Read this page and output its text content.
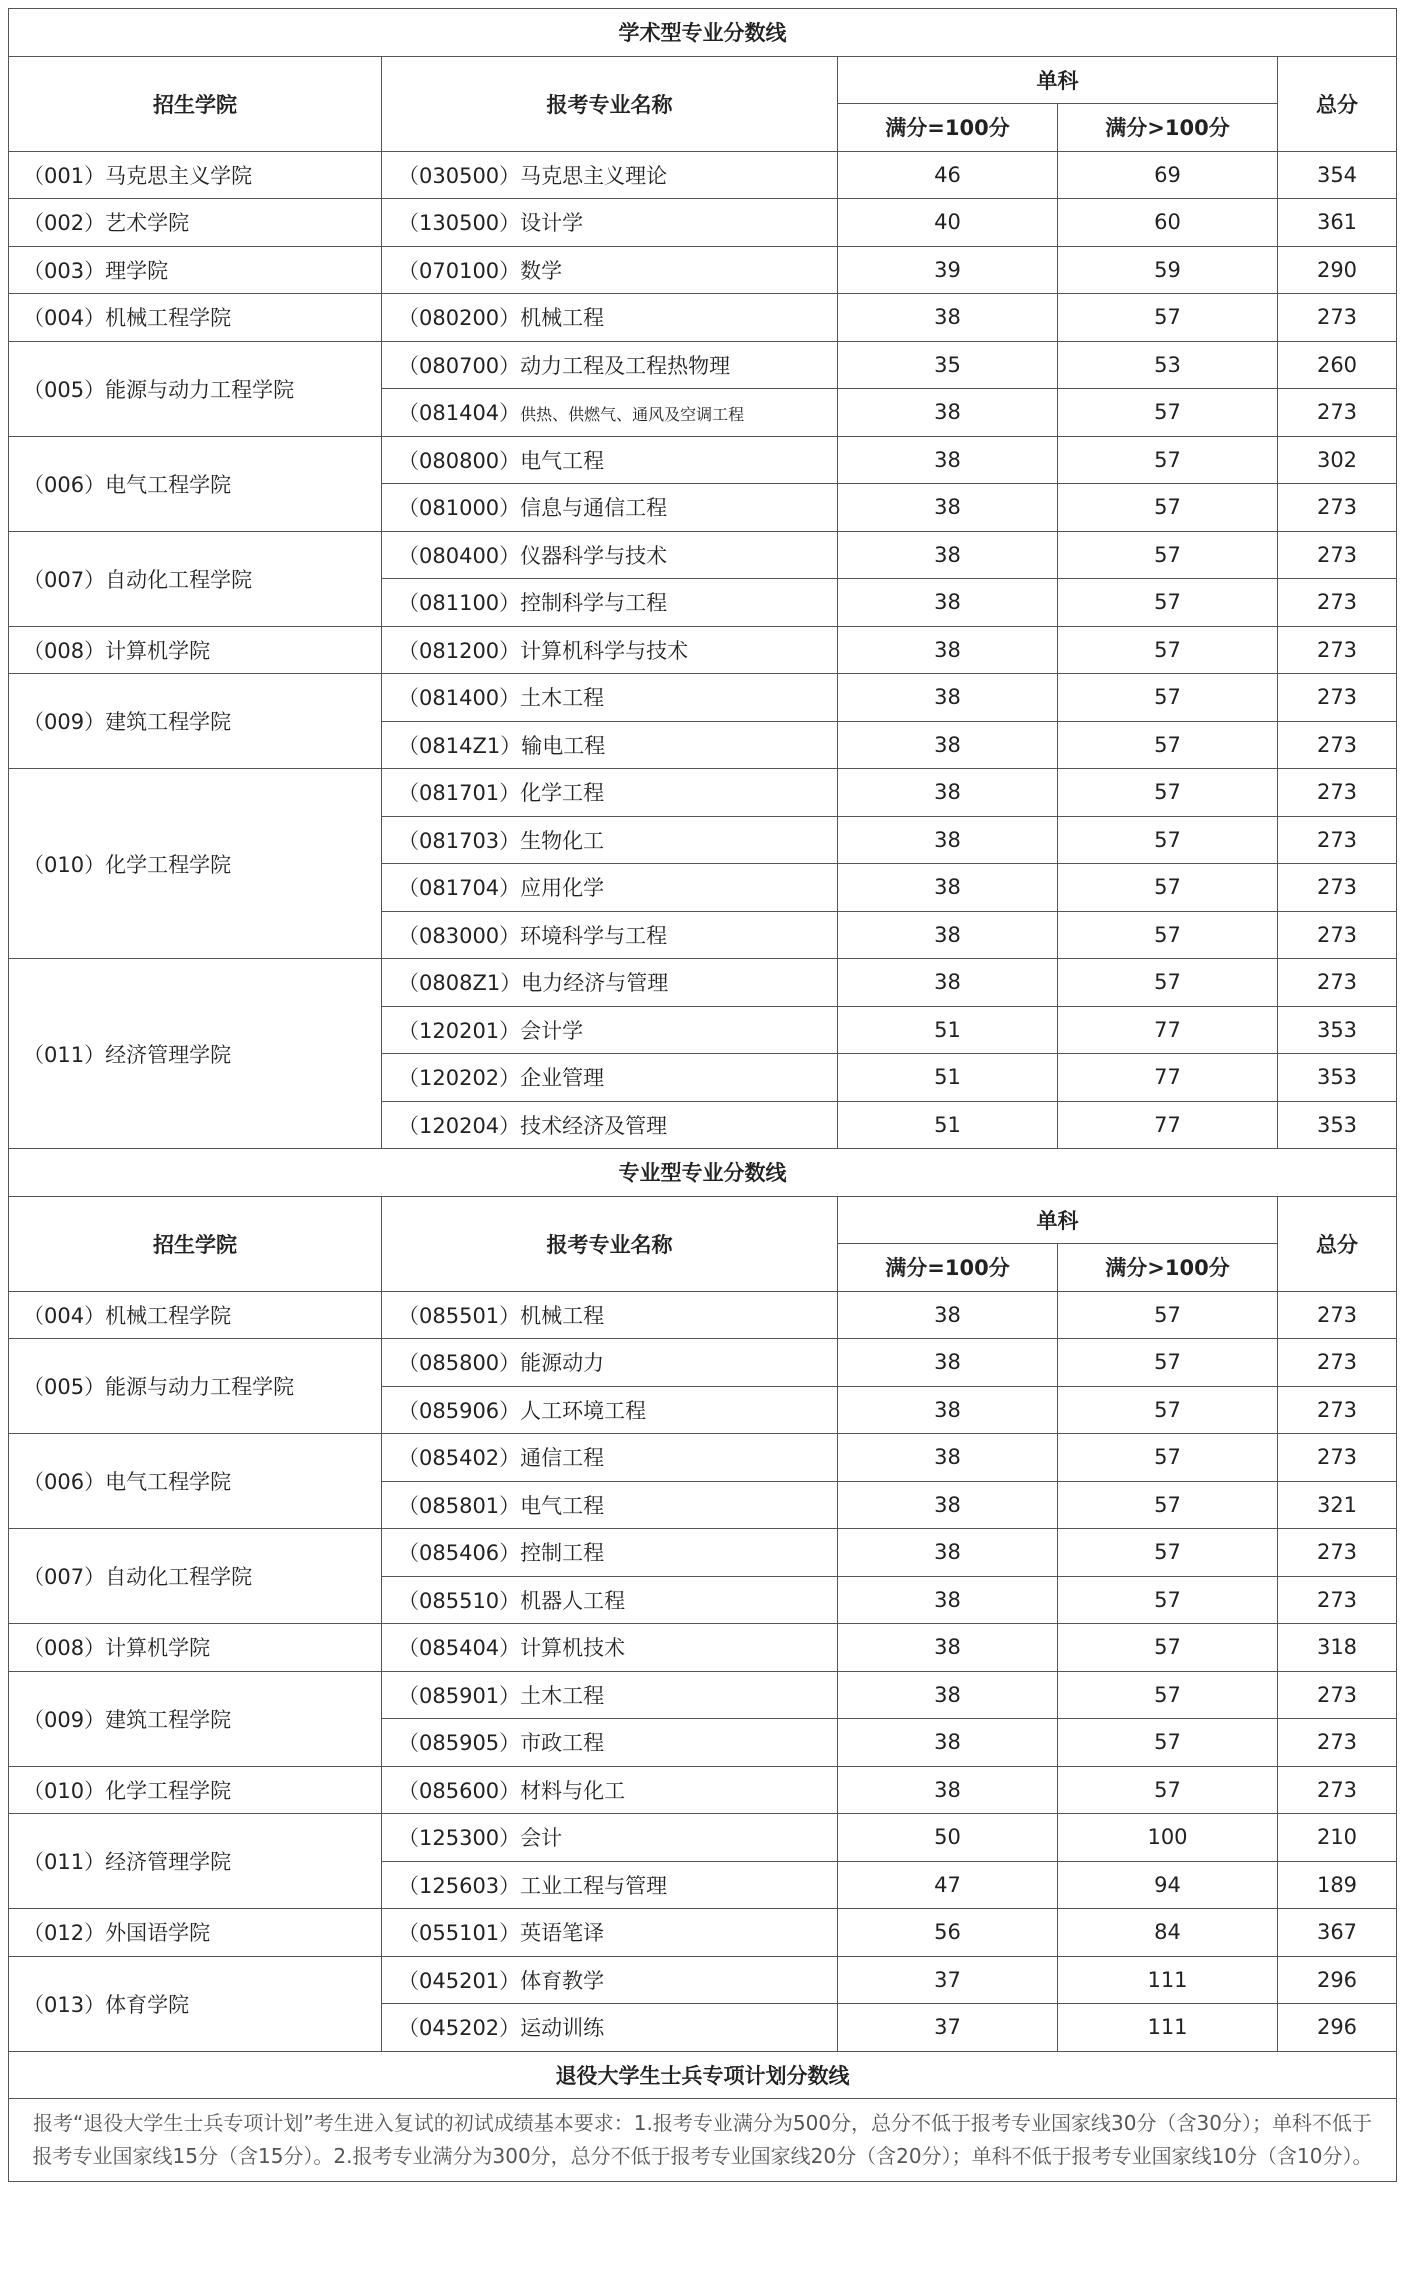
学术型专业分数线				
招生学院	报考专业名称	单科		总分
		满分=100分	满分>100分	
（001）马克思主义学院	（030500）马克思主义理论	46	69	354
（002）艺术学院	（130500）设计学	40	60	361
（003）理学院	（070100）数学	39	59	290
（004）机械工程学院	（080200）机械工程	38	57	273
（005）能源与动力工程学院	（080700）动力工程及工程热物理	35	53	260
	（081404）供热、供燃气、通风及空调工程	38	57	273
（006）电气工程学院	（080800）电气工程	38	57	302
	（081000）信息与通信工程	38	57	273
（007）自动化工程学院	（080400）仪器科学与技术	38	57	273
	（081100）控制科学与工程	38	57	273
（008）计算机学院	（081200）计算机科学与技术	38	57	273
（009）建筑工程学院	（081400）土木工程	38	57	273
	（0814Z1）输电工程	38	57	273
（010）化学工程学院	（081701）化学工程	38	57	273
	（081703）生物化工	38	57	273
	（081704）应用化学	38	57	273
	（083000）环境科学与工程	38	57	273
（011）经济管理学院	（0808Z1）电力经济与管理	38	57	273
	（120201）会计学	51	77	353
	（120202）企业管理	51	77	353
	（120204）技术经济及管理	51	77	353
专业型专业分数线				
招生学院	报考专业名称	单科		总分
		满分=100分	满分>100分	
（004）机械工程学院	（085501）机械工程	38	57	273
（005）能源与动力工程学院	（085800）能源动力	38	57	273
	（085906）人工环境工程	38	57	273
（006）电气工程学院	（085402）通信工程	38	57	273
	（085801）电气工程	38	57	321
（007）自动化工程学院	（085406）控制工程	38	57	273
	（085510）机器人工程	38	57	273
（008）计算机学院	（085404）计算机技术	38	57	318
（009）建筑工程学院	（085901）土木工程	38	57	273
	（085905）市政工程	38	57	273
（010）化学工程学院	（085600）材料与化工	38	57	273
（011）经济管理学院	（125300）会计	50	100	210
	（125603）工业工程与管理	47	94	189
（012）外国语学院	（055101）英语笔译	56	84	367
（013）体育学院	（045201）体育教学	37	111	296
	（045202）运动训练	37	111	296
退役大学生士兵专项计划分数线				
报考“退役大学生士兵专项计划”考生进入复试的初试成绩基本要求：1.报考专业满分为500分，总分不低于报考专业国家线30分（含30分）；单科不低于报考专业国家线15分（含15分）。2.报考专业满分为300分，总分不低于报考专业国家线20分（含20分）；单科不低于报考专业国家线10分（含10分）。				
